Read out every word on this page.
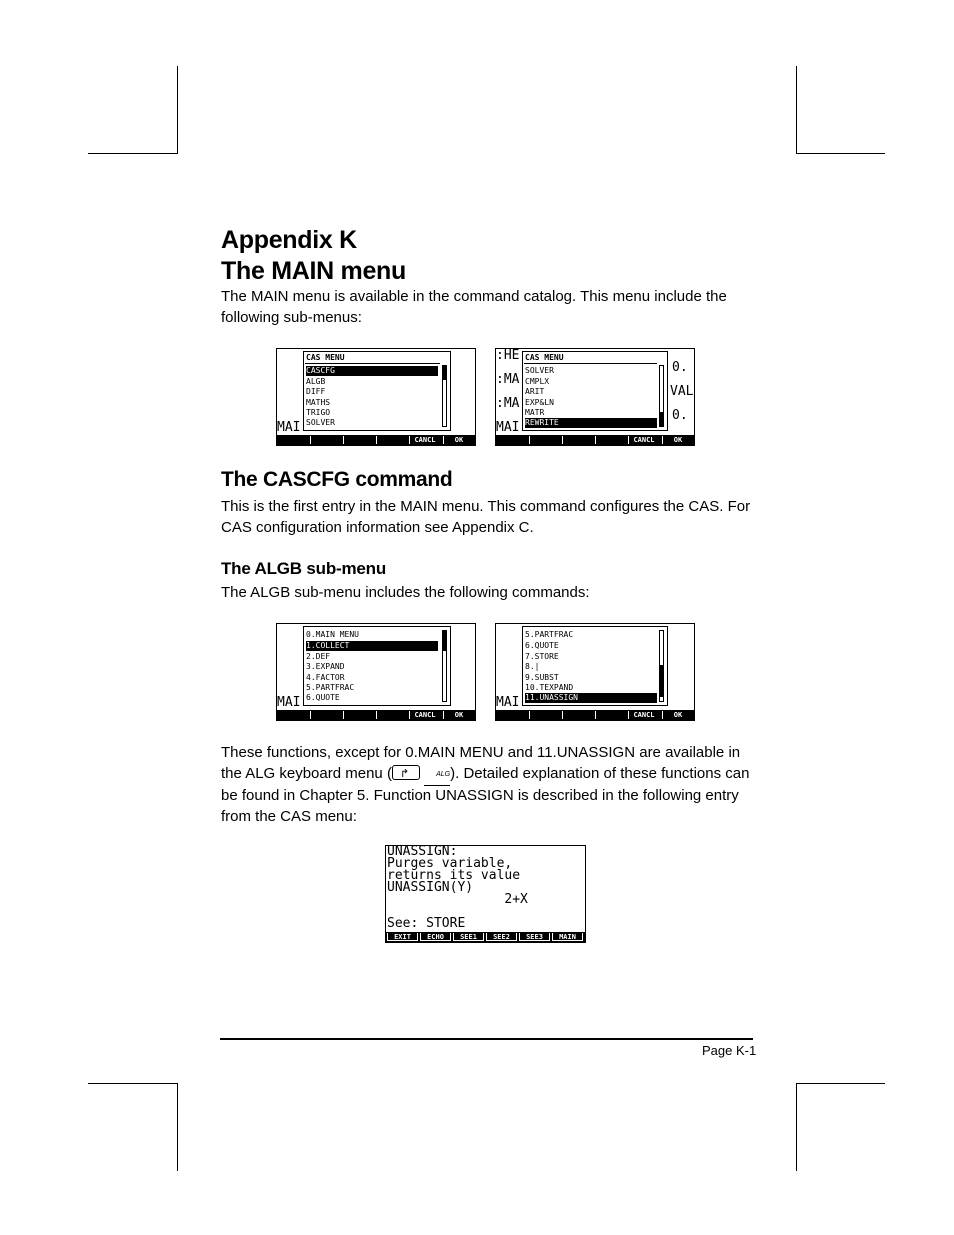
Appendix K
The MAIN menu
The MAIN menu is available in the command catalog. This menu include the following sub-menus:
MAI
CAS MENU
CASCFG
ALGB
DIFF
MATHS
TRIGO
SOLVER
CANCL	OK
:HE
:MA
:MA
MAI
0.
VAL
0.
CAS MENU
SOLVER
CMPLX
ARIT
EXP&LN
MATR
REWRITE
CANCL	OK
The CASCFG command
This is the first entry in the MAIN menu. This command configures the CAS. For CAS configuration information see Appendix C.
The ALGB sub-menu
The ALGB sub-menu includes the following commands:
MAI
0.MAIN MENU
1.COLLECT
2.DEF
3.EXPAND
4.FACTOR
5.PARTFRAC
6.QUOTE
CANCL	OK
MAI
5.PARTFRAC
6.QUOTE
7.STORE
8.|
9.SUBST
10.TEXPAND
11.UNASSIGN
CANCL	OK
These functions, except for 0.MAIN MENU and 11.UNASSIGN are available in the ALG keyboard menu (↱	ALG). Detailed explanation of these functions can be found in Chapter 5. Function UNASSIGN is described in the following entry from the CAS menu:
UNASSIGN:
Purges variable,
returns its value
UNASSIGN(Y)
2+X
See: STORE
EXIT	ECHO	SEE1	SEE2	SEE3	MAIN
Page K-1
